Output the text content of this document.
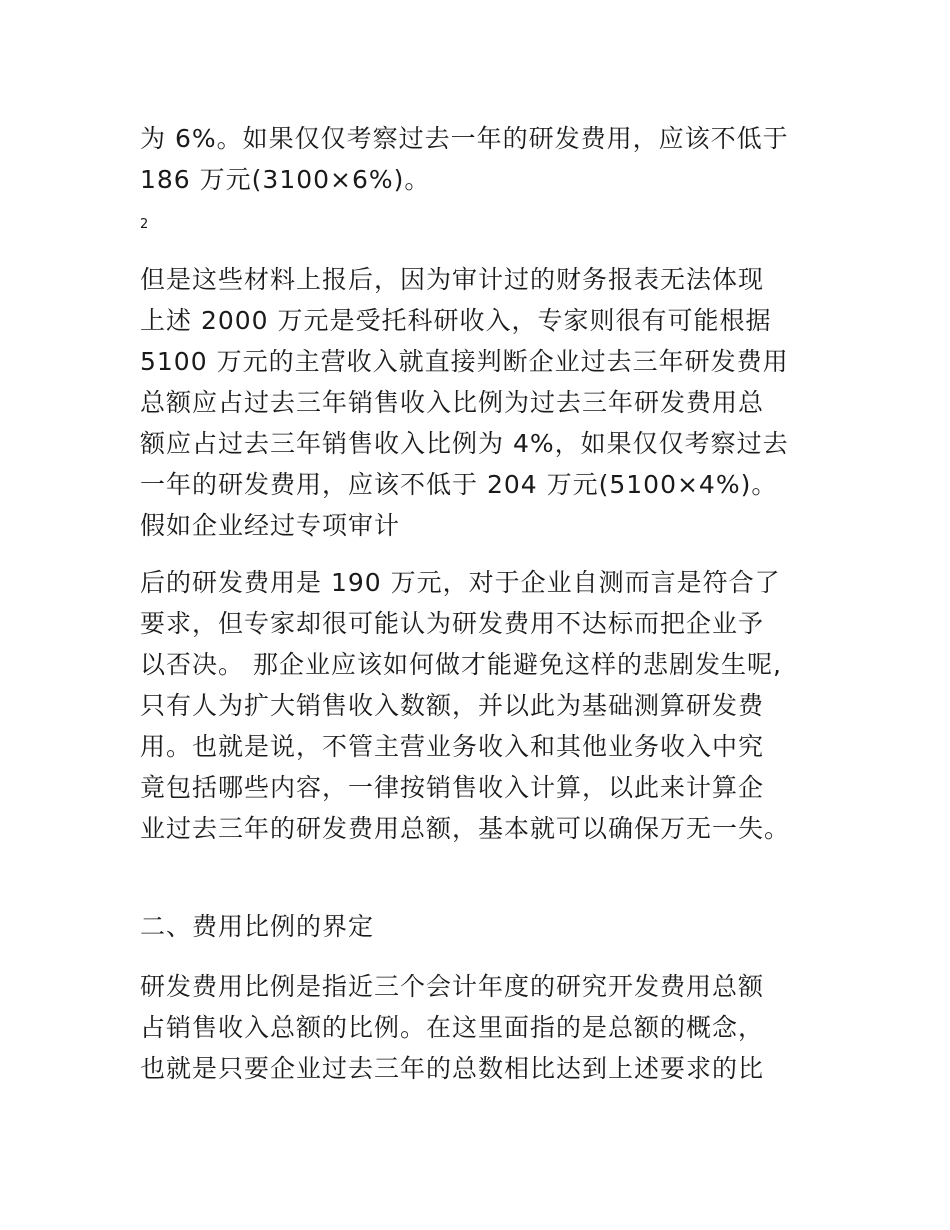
为 6%。如果仅仅考察过去一年的研发费用，应该不低于
186 万元(3100×6%)。

2

但是这些材料上报后，因为审计过的财务报表无法体现
上述 2000 万元是受托科研收入，专家则很有可能根据
5100 万元的主营收入就直接判断企业过去三年研发费用
总额应占过去三年销售收入比例为过去三年研发费用总
额应占过去三年销售收入比例为 4%，如果仅仅考察过去
一年的研发费用，应该不低于 204 万元(5100×4%)。
假如企业经过专项审计

后的研发费用是 190 万元，对于企业自测而言是符合了
要求，但专家却很可能认为研发费用不达标而把企业予
以否决。 那企业应该如何做才能避免这样的悲剧发生呢,
只有人为扩大销售收入数额，并以此为基础测算研发费
用。也就是说，不管主营业务收入和其他业务收入中究
竟包括哪些内容，一律按销售收入计算，以此来计算企
业过去三年的研发费用总额，基本就可以确保万无一失。

二、费用比例的界定

研发费用比例是指近三个会计年度的研究开发费用总额
占销售收入总额的比例。在这里面指的是总额的概念，
也就是只要企业过去三年的总数相比达到上述要求的比
